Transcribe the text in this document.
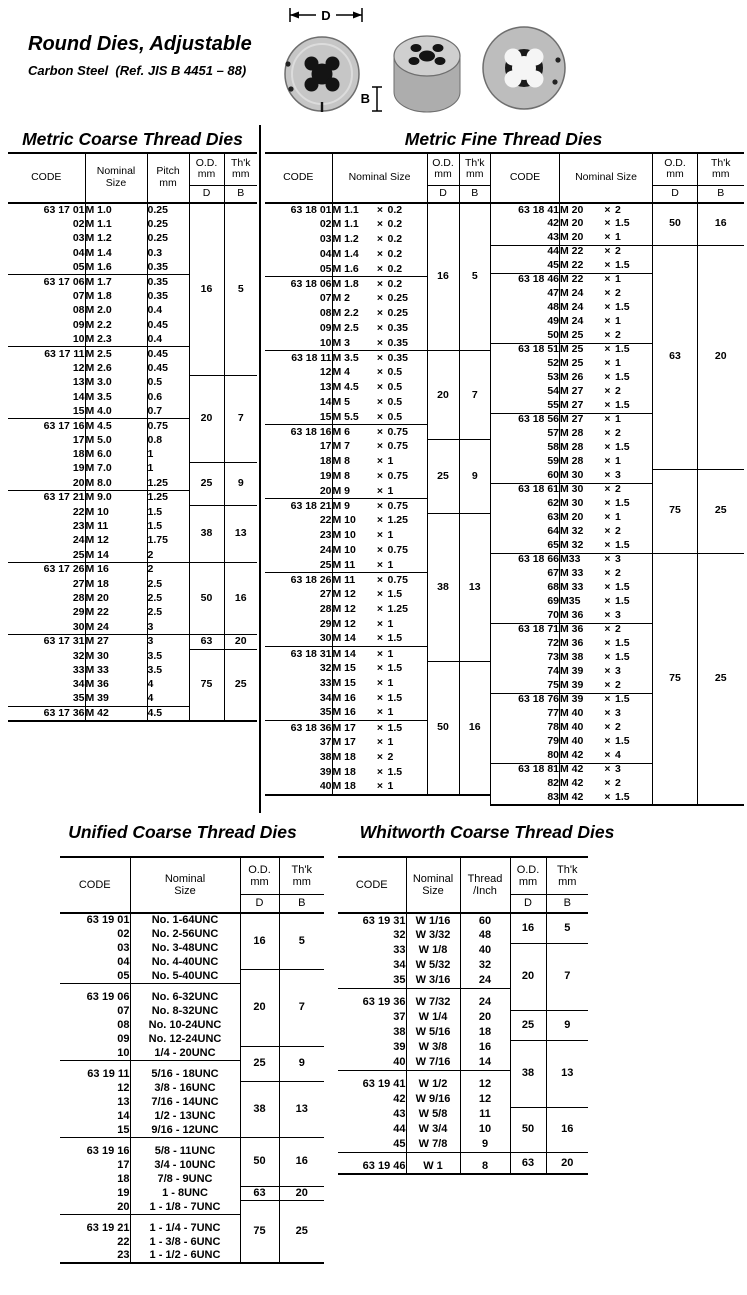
Round Dies, Adjustable
Carbon Steel  (Ref. JIS B 4451 – 88)
D
B
Metric Coarse Thread Dies	Metric Fine Thread Dies
CODE	Nominal
Size	Pitch
mm	O.D.
mm	Th'k
mm
			D	B
63 17 01	M 1.0	0.25	16	5
02	M 1.1	0.25		
03	M 1.2	0.25		
04	M 1.4	0.3		
05	M 1.6	0.35		
63 17 06	M 1.7	0.35		
07	M 1.8	0.35		
08	M 2.0	0.4		
09	M 2.2	0.45		
10	M 2.3	0.4		
63 17 11	M 2.5	0.45		
12	M 2.6	0.45		
13	M 3.0	0.5	20	7
14	M 3.5	0.6		
15	M 4.0	0.7		
63 17 16	M 4.5	0.75		
17	M 5.0	0.8		
18	M 6.0	1		
19	M 7.0	1	25	9
20	M 8.0	1.25		
63 17 21	M 9.0	1.25		
22	M 10	1.5	38	13
23	M 11	1.5		
24	M 12	1.75		
25	M 14	2		
63 17 26	M 16	2	50	16
27	M 18	2.5		
28	M 20	2.5		
29	M 22	2.5		
30	M 24	3		
63 17 31	M 27	3	63	20
32	M 30	3.5	75	25
33	M 33	3.5		
34	M 36	4		
35	M 39	4		
63 17 36	M 42	4.5		
CODE	Nominal Size	O.D.
mm	Th'k
mm
		D	B
63 18 01	M 1.1 × 0.2	16	5
02	M 1.1 × 0.2		
03	M 1.2 × 0.2		
04	M 1.4 × 0.2		
05	M 1.6 × 0.2		
63 18 06	M 1.8 × 0.2		
07	M 2 × 0.25		
08	M 2.2 × 0.25		
09	M 2.5 × 0.35		
10	M 3 × 0.35		
63 18 11	M 3.5 × 0.35	20	7
12	M 4 × 0.5		
13	M 4.5 × 0.5		
14	M 5 × 0.5		
15	M 5.5 × 0.5		
63 18 16	M 6 × 0.75		
17	M 7 × 0.75	25	9
18	M 8 × 1		
19	M 8 × 0.75		
20	M 9 × 1		
63 18 21	M 9 × 0.75		
22	M 10 × 1.25	38	13
23	M 10 × 1		
24	M 10 × 0.75		
25	M 11 × 1		
63 18 26	M 11 × 0.75		
27	M 12 × 1.5		
28	M 12 × 1.25		
29	M 12 × 1		
30	M 14 × 1.5		
63 18 31	M 14 × 1		
32	M 15 × 1.5	50	16
33	M 15 × 1		
34	M 16 × 1.5		
35	M 16 × 1		
63 18 36	M 17 × 1.5		
37	M 17 × 1		
38	M 18 × 2		
39	M 18 × 1.5		
40	M 18 × 1		
CODE	Nominal Size	O.D.
mm	Th'k
mm
		D	B
63 18 41	M 20 × 2	50	16
42	M 20 × 1.5		
43	M 20 × 1		
44	M 22 × 2	63	20
45	M 22 × 1.5		
63 18 46	M 22 × 1		
47	M 24 × 2		
48	M 24 × 1.5		
49	M 24 × 1		
50	M 25 × 2		
63 18 51	M 25 × 1.5		
52	M 25 × 1		
53	M 26 × 1.5		
54	M 27 × 2		
55	M 27 × 1.5		
63 18 56	M 27 × 1		
57	M 28 × 2		
58	M 28 × 1.5		
59	M 28 × 1		
60	M 30 × 3	75	25
63 18 61	M 30 × 2		
62	M 30 × 1.5		
63	M 20 × 1		
64	M 32 × 2		
65	M 32 × 1.5		
63 18 66	M33 × 3	75	25
67	M 33 × 2		
68	M 33 × 1.5		
69	M35 × 1.5		
70	M 36 × 3		
63 18 71	M 36 × 2		
72	M 36 × 1.5		
73	M 38 × 1.5		
74	M 39 × 3		
75	M 39 × 2		
63 18 76	M 39 × 1.5		
77	M 40 × 3		
78	M 40 × 2		
79	M 40 × 1.5		
80	M 42 × 4		
63 18 81	M 42 × 3		
82	M 42 × 2		
83	M 42 × 1.5		
Unified Coarse Thread Dies	Whitworth Coarse Thread Dies
CODE	Nominal
Size	O.D.
mm	Th'k
mm
		D	B
63 19 01	No. 1-64UNC	16	5
02	No. 2-56UNC		
03	No. 3-48UNC		
04	No. 4-40UNC		
05	No. 5-40UNC	20	7

63 19 06	No. 6-32UNC		
07	No. 8-32UNC		
08	No. 10-24UNC		
09	No. 12-24UNC		
10	1/4 - 20UNC	25	9

63 19 11	5/16 - 18UNC		
12	3/8 - 16UNC	38	13
13	7/16 - 14UNC		
14	1/2 - 13UNC		
15	9/16 - 12UNC		
		50	16
63 19 16	5/8 - 11UNC		
17	3/4 - 10UNC		
18	7/8 - 9UNC		
19	1 - 8UNC	63	20
20	1 - 1/8 - 7UNC	75	25

63 19 21	1 - 1/4 - 7UNC		
22	1 - 3/8 - 6UNC		
23	1 - 1/2 - 6UNC		
CODE	Nominal
Size	Thread
/Inch	O.D.
mm	Th'k
mm
			D	B
63 19 31	W 1/16	60	16	5
32	W 3/32	48		
33	W 1/8	40	20	7
34	W 5/32	32		
35	W 3/16	24		

63 19 36	W 7/32	24		
37	W 1/4	20	25	9
38	W 5/16	18		
39	W 3/8	16	38	13
40	W 7/16	14		

63 19 41	W 1/2	12		
42	W 9/16	12		
43	W 5/8	11	50	16
44	W 3/4	10		
45	W 7/8	9		
			63	20
63 19 46	W 1	8		
